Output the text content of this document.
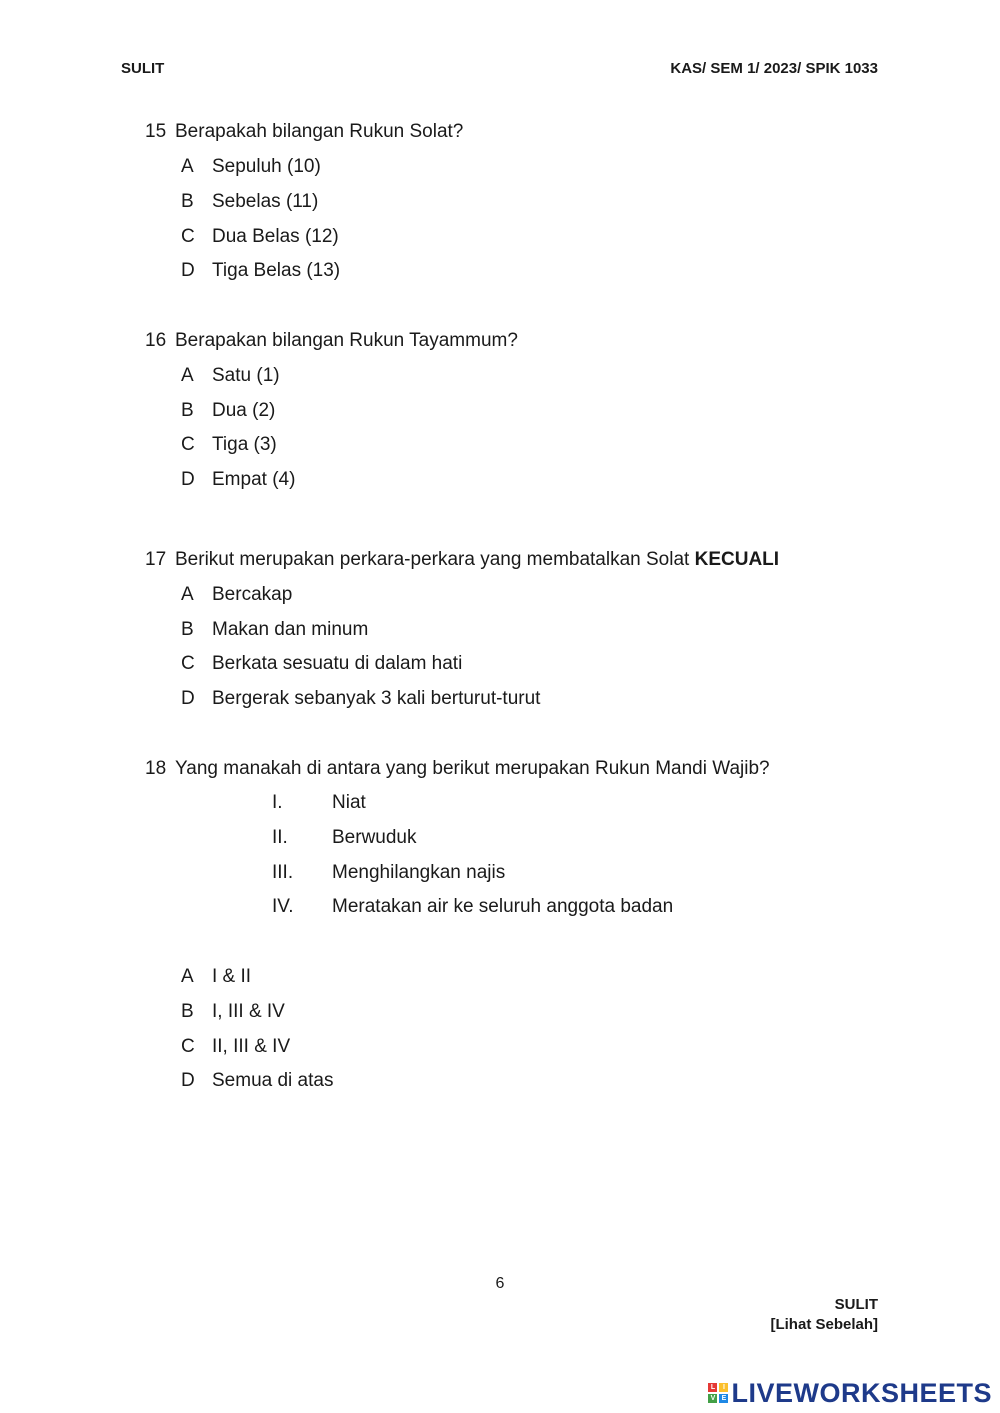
SULIT	KAS/ SEM 1/ 2023/ SPIK 1033
15 Berapakah bilangan Rukun Solat?
A Sepuluh (10)
B Sebelas (11)
C Dua Belas (12)
D Tiga Belas (13)
16 Berapakan bilangan Rukun Tayammum?
A Satu (1)
B Dua (2)
C Tiga (3)
D Empat (4)
17 Berikut merupakan perkara-perkara yang membatalkan Solat KECUALI
A Bercakap
B Makan dan minum
C Berkata sesuatu di dalam hati
D Bergerak sebanyak 3 kali berturut-turut
18 Yang manakah di antara yang berikut merupakan Rukun Mandi Wajib?
I.	Niat
II. Berwuduk
III. Menghilangkan najis
IV. Meratakan air ke seluruh anggota badan
A I & II
B I, III & IV
C II, III & IV
D Semua di atas
6
SULIT
[Lihat Sebelah]
L	I
V E LIVEWORKSHEETS
